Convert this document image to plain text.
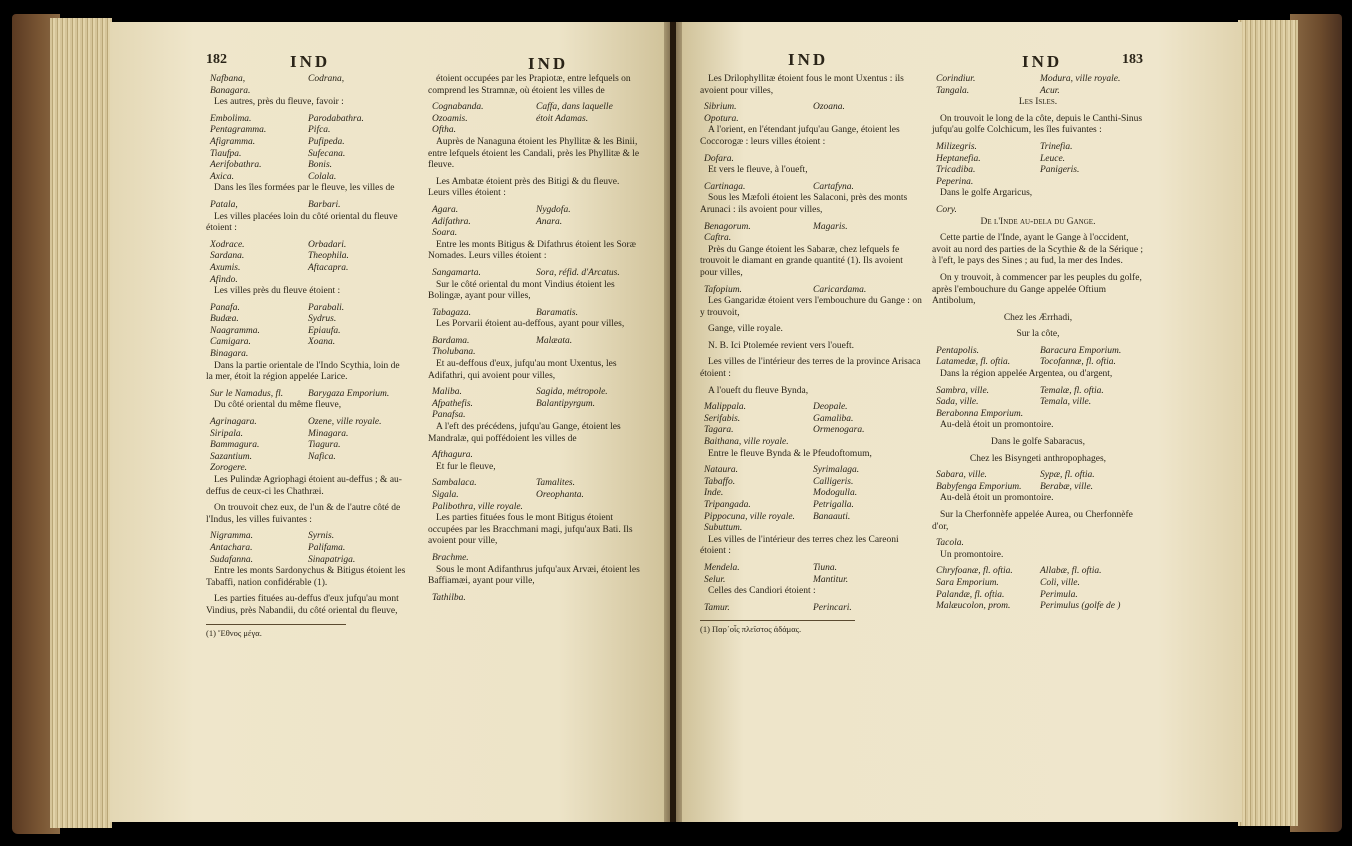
182	IND	IND
Nafbana,	Codrana,
Banagara.

Les autres, près du fleuve, favoir :

Embolima.	Parodabathra.
Pentagramma.	Pifca.
Afigramma.	Pufipeda.
Tiaufpa.	Sufecana.
Aerifobathra.	Bonis.
Axica.	Colala.

Dans les îles formées par le fleuve, les villes de

Patala,	Barbari.

Les villes placées loin du côté oriental du fleuve étoient :

Xodrace.	Orbadari.
Sardana.	Theophila.
Axumis.	Aftacapra.
Afindo.

Les villes près du fleuve étoient :

Panafa.	Parabali.
Budæa.	Sydrus.
Naagramma.	Epiaufa.
Camigara.	Xoana.
Binagara.

Dans la partie orientale de l'Indo Scythia, loin de la mer, étoit la région appelée Larice.

Sur le Namadus, fl.	Barygaza Emporium.

Du côté oriental du même fleuve,

Agrinagara.	Ozene, ville royale.
Siripala.	Minagara.
Bammagura.	Tiagura.
Sazantium.	Nafica.
Zorogere.

Les Pulindæ Agriophagi étoient au-deffus ; & au-deffus de ceux-ci les Chathræi.

On trouvoit chez eux, de l'un & de l'autre côté de l'Indus, les villes fuivantes :

Nigramma.	Syrnis.
Antachara.	Palifama.
Sudafanna.	Sinapatriga.

Entre les monts Sardonychus & Bitigus étoient les Tabaffi, nation confidérable (1).

Les parties fituées au-deffus d'eux jufqu'au mont Vindius, près Nabandii, du côté oriental du fleuve,

(1) Ἔθνος μέγα.

étoient occupées par les Prapiotæ, entre lefquels on comprend les Stramnæ, où étoient les villes de

Cognabanda.	Caffa, dans laquelle
Ozoamis.	étoit Adamas.
Oftha.

Auprès de Nanaguna étoient les Phyllitæ & les Binii, entre lefquels étoient les Candali, près les Phyllitæ & le fleuve.

Les Ambatæ étoient près des Bitigi & du fleuve. Leurs villes étoient :

Agara.	Nygdofa.
Adifathra.	Anara.
Soara.

Entre les monts Bitigus & Difathrus étoient les Soræ Nomades. Leurs villes étoient :

Sangamarta.	Sora, réfid. d'Arcatus.

Sur le côté oriental du mont Vindius étoient les Bolingæ, ayant pour villes,

Tabagaza.	Baramatis.

Les Porvarii étoient au-deffous, ayant pour villes,

Bardama.	Malæata.
Tholubana.

Et au-deffous d'eux, jufqu'au mont Uxentus, les Adifathri, qui avoient pour villes,

Maliba.	Sagida, métropole.
Afpathefis.	Balantipyrgum.
Panafsa.

A l'eft des précédens, jufqu'au Gange, étoient les Mandralæ, qui poffédoient les villes de

Afthagura.

Et fur le fleuve,

Sambalaca.	Tamalites.
Sigala.	Oreophanta.
Palibothra, ville royale.

Les parties fituées fous le mont Bitigus étoient occupées par les Bracchmani magi, jufqu'aux Bati. Ils avoient pour ville,

Brachme.

Sous le mont Adifanthrus jufqu'aux Arvæi, étoient les Baffiamæi, ayant pour ville,

Tathilba.
IND	IND	183

Les Drilophyllitæ étoient fous le mont Uxentus : ils avoient pour villes,

Sibrium.	Ozoana.
Opotura.

A l'orient, en l'étendant jufqu'au Gange, étoient les Coccorogæ : leurs villes étoient :

Dofara.

Et vers le fleuve, à l'oueft,

Cartinaga.	Cartafyna.

Sous les Mæfoli étoient les Salaconi, près des monts Arunaci : ils avoient pour villes,

Benagorum.	Magaris.
Caftra.

Près du Gange étoient les Sabaræ, chez lefquels fe trouvoit le diamant en grande quantité (1). Ils avoient pour villes,

Tafopium.	Caricardama.

Les Gangaridæ étoient vers l'embouchure du Gange : on y trouvoit,

Gange, ville royale.

N. B. Ici Ptolemée revient vers l'oueft.

Les villes de l'intérieur des terres de la province Arisaca étoient :

A l'oueft du fleuve Bynda,

Malippala.	Deopale.
Serifabis.	Gamaliba.
Tagara.	Ormenogara.
Baithana, ville royale.

Entre le fleuve Bynda & le Pfeudoftomum,

Nataura.	Syrimalaga.
Tabaffo.	Calligeris.
Inde.	Modogulla.
Tripangada.	Petrigalla.
Pippocuna, ville royale.	Banaauti.
Subuttum.

Les villes de l'intérieur des terres chez les Careoni étoient :

Mendela.	Tiuna.
Selur.	Mantitur.

Celles des Candiori étoient :

Tamur.	Perincari.
(1) Παρ᾽οἷς πλεῖστος ἀδάμας.
Corindiur.	Modura, ville royale.
Tangala.	Acur.

Les Isles.

On trouvoit le long de la côte, depuis le Canthi-Sinus jufqu'au golfe Colchicum, les îles fuivantes :

Milizegris.	Trinefia.
Heptanefia.	Leuce.
Tricadiba.	Panigeris.
Peperina.

Dans le golfe Argaricus,

Cory.

De l'Inde au-dela du Gange.

Cette partie de l'Inde, ayant le Gange à l'occident, avoit au nord des parties de la Scythie & de la Sérique ; à l'eft, le pays des Sines ; au fud, la mer des Indes.

On y trouvoit, à commencer par les peuples du golfe, après l'embouchure du Gange appelée Oftium Antibolum,

Chez les Ærrhadi,

Sur la côte,

Pentapolis.	Baracura Emporium.
Latamedæ, fl. oftia.	Tocofannæ, fl. oftia.

Dans la région appelée Argentea, ou d'argent,

Sambra, ville.	Temalæ, fl. oftia.
Sada, ville.	Temala, ville.
Berabonna Emporium.

Au-delà étoit un promontoire.

Dans le golfe Sabaracus,

Chez les Bisyngeti anthropophages,

Sabara, ville.	Sypæ, fl. oftia.
Babyfenga Emporium.	Berabæ, ville.

Au-delà étoit un promontoire.

Sur la Cherfonnèfe appelée Aurea, ou Cherfonnèfe d'or,

Tacola.

Un promontoire.

Chryfoanæ, fl. oftia.	Allabæ, fl. oftia.
Sara Emporium.	Coli, ville.
Palandæ, fl. oftia.	Perimula.
Malæucolon, prom.	Perimulus (golfe de )
